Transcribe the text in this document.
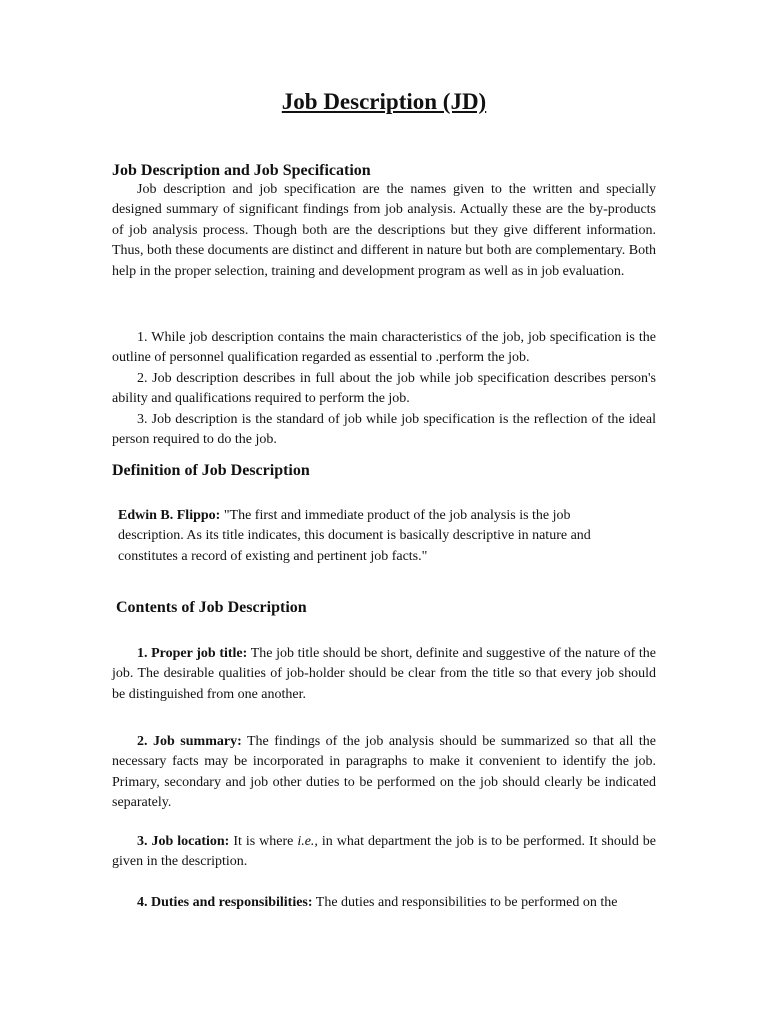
Job Description (JD)
Job Description and Job Specification

Job description and job specification are the names given to the written and specially designed summary of significant findings from job analysis. Actually these are the by-products of job analysis process. Though both are the descriptions but they give different information. Thus, both these documents are distinct and different in nature but both are complementary. Both help in the proper selection, training and development program as well as in job evaluation.

1. While job description contains the main characteristics of the job, job specification is the outline of personnel qualification regarded as essential to .perform the job.

2. Job description describes in full about the job while job specification describes person's ability and qualifications required to perform the job.

3. Job description is the standard of job while job specification is the reflection of the ideal person required to do the job.

Definition of Job Description

Edwin B. Flippo: "The first and immediate product of the job analysis is the job description. As its title indicates, this document is basically descriptive in nature and constitutes a record of existing and pertinent job facts."

Contents of Job Description

1. Proper job title: The job title should be short, definite and suggestive of the nature of the job. The desirable qualities of job-holder should be clear from the title so that every job should be distinguished from one another.

2. Job summary: The findings of the job analysis should be summarized so that all the necessary facts may be incorporated in paragraphs to make it convenient to identify the job. Primary, secondary and job other duties to be performed on the job should clearly be indicated separately.

3. Job location: It is where i.e., in what department the job is to be performed. It should be given in the description.

4. Duties and responsibilities: The duties and responsibilities to be performed on the
